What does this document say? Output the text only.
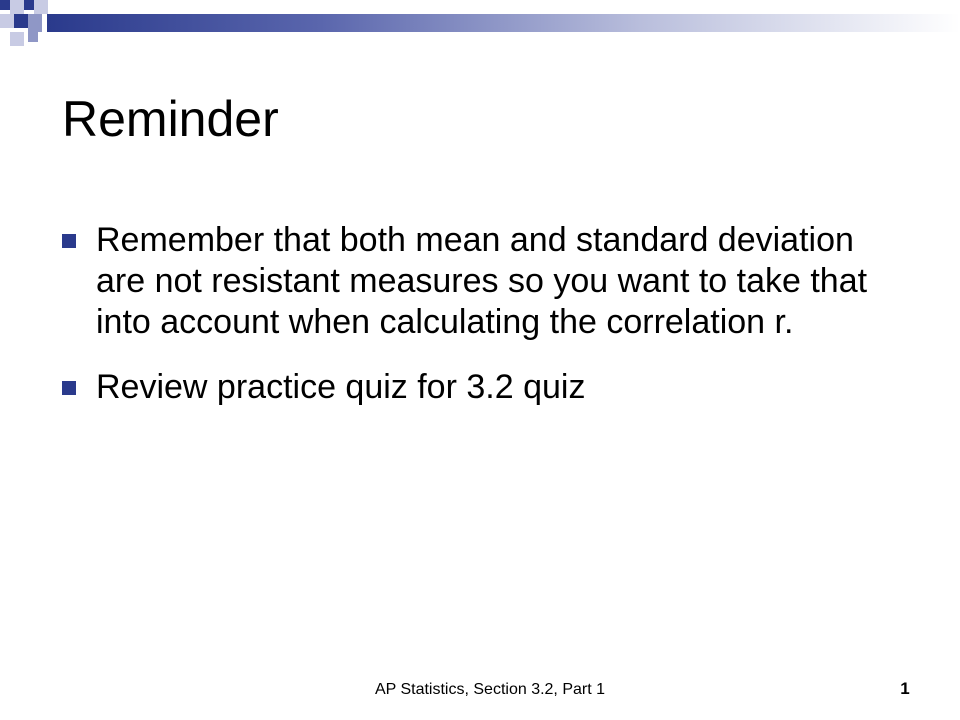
Reminder
Remember that both mean and standard deviation are not resistant measures so you want to take that into account when calculating the correlation r.
Review practice quiz for 3.2 quiz
AP Statistics, Section 3.2, Part 1	1
